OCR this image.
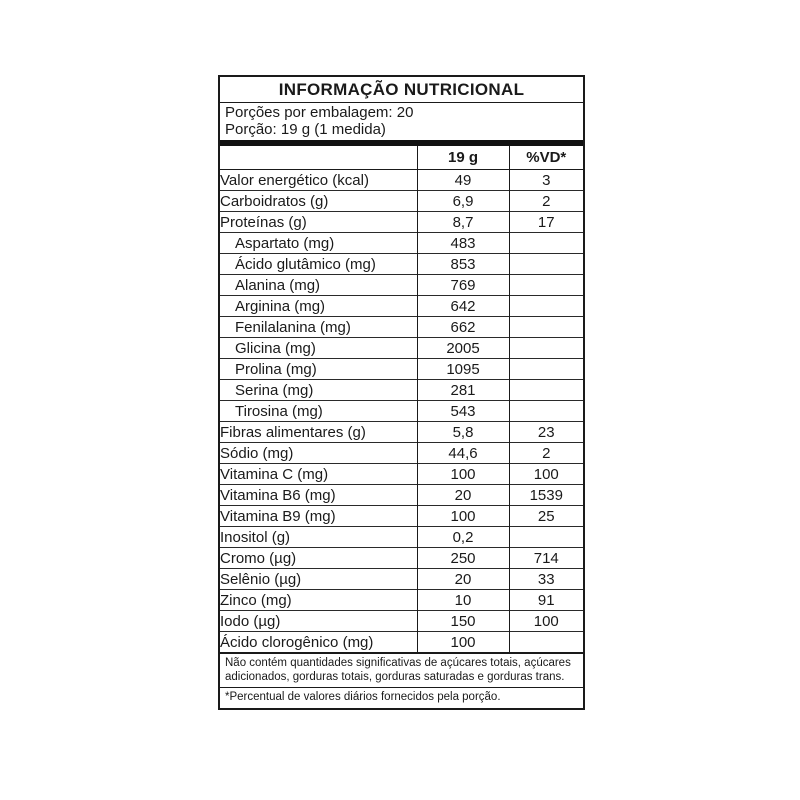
INFORMAÇÃO NUTRICIONAL
Porções por embalagem: 20
Porção: 19 g (1 medida)
	19 g	%VD*
Valor energético (kcal)	49	3
Carboidratos (g)	6,9	2
Proteínas (g)	8,7	17
Aspartato (mg)	483	
Ácido glutâmico (mg)	853	
Alanina (mg)	769	
Arginina (mg)	642	
Fenilalanina (mg)	662	
Glicina (mg)	2005	
Prolina (mg)	1095	
Serina (mg)	281	
Tirosina (mg)	543	
Fibras alimentares (g)	5,8	23
Sódio (mg)	44,6	2
Vitamina C (mg)	100	100
Vitamina B6 (mg)	20	1539
Vitamina B9 (mg)	100	25
Inositol (g)	0,2	
Cromo (µg)	250	714
Selênio (µg)	20	33
Zinco (mg)	10	91
Iodo (µg)	150	100
Ácido clorogênico (mg)	100	
Não contém quantidades significativas de açúcares totais, açúcares adicionados, gorduras totais, gorduras saturadas e gorduras trans.
*Percentual de valores diários fornecidos pela porção.
